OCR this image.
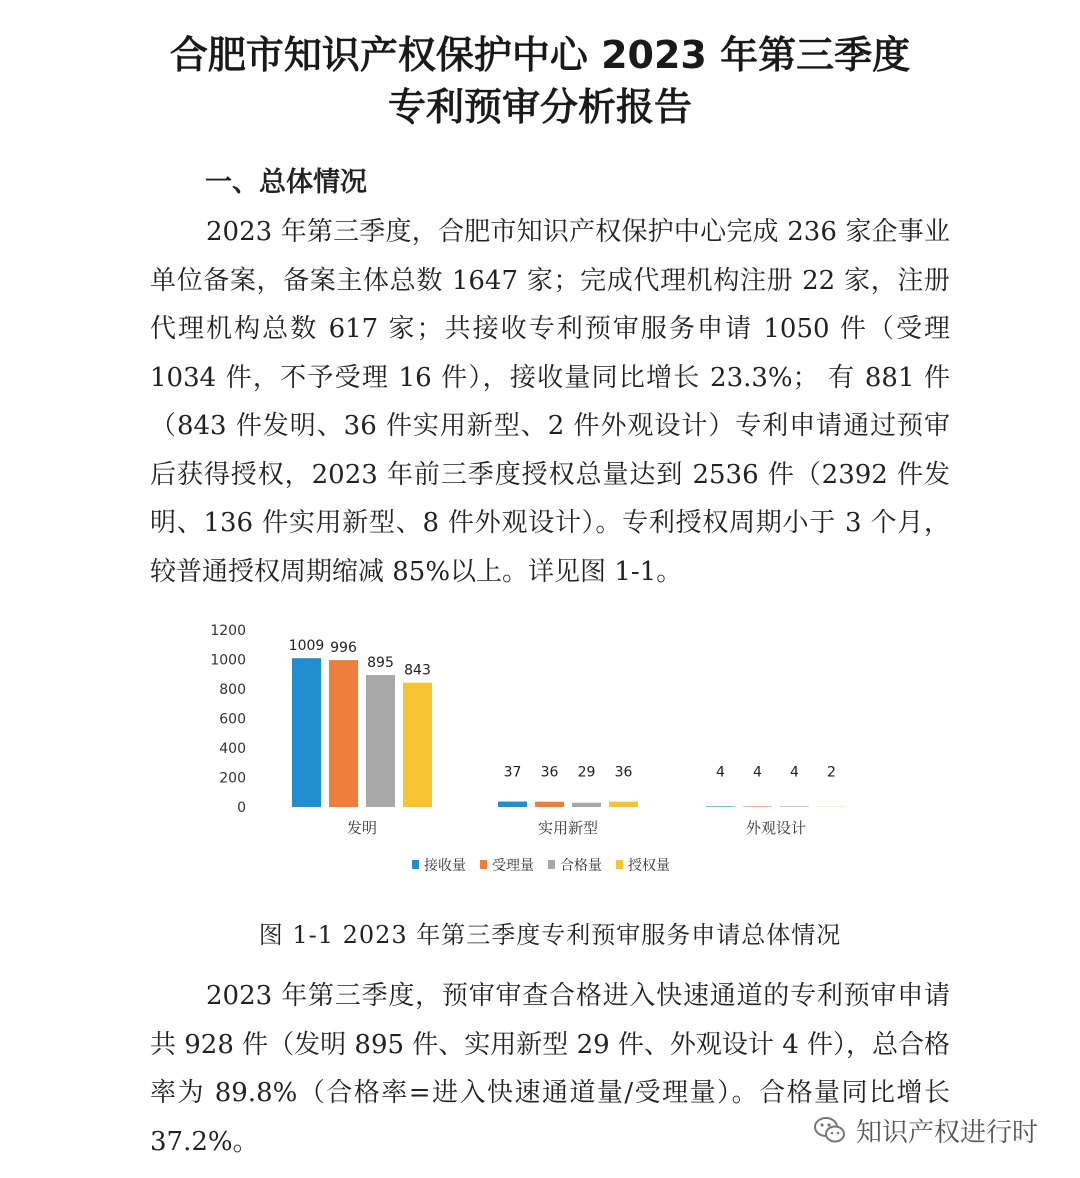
合肥市知识产权保护中心 2023 年第三季度
专利预审分析报告
一、总体情况

2023 年第三季度，合肥市知识产权保护中心完成 236 家企事业单位备案，备案主体总数 1647 家；完成代理机构注册 22 家，注册代理机构总数 617 家；共接收专利预审服务申请 1050 件（受理 1034 件，不予受理 16 件），接收量同比增长 23.3%； 有 881 件（843 件发明、36 件实用新型、2 件外观设计）专利申请通过预审后获得授权，2023 年前三季度授权总量达到 2536 件（2392 件发明、136 件实用新型、8 件外观设计）。专利授权周期小于 3 个月，较普通授权周期缩减 85%以上。详见图 1-1。

0
200
400
600
800
1000
1200
1009 996
895 843
37 36 29 36	4 4 4 2
发明	实用新型	外观设计
接收量 受理量 合格量 授权量
图 1-1 2023 年第三季度专利预审服务申请总体情况

2023 年第三季度，预审审查合格进入快速通道的专利预审申请共 928 件（发明 895 件、实用新型 29 件、外观设计 4 件），总合格率为 89.8%（合格率=进入快速通道量/受理量）。合格量同比增长 37.2%。	知识产权进行时
